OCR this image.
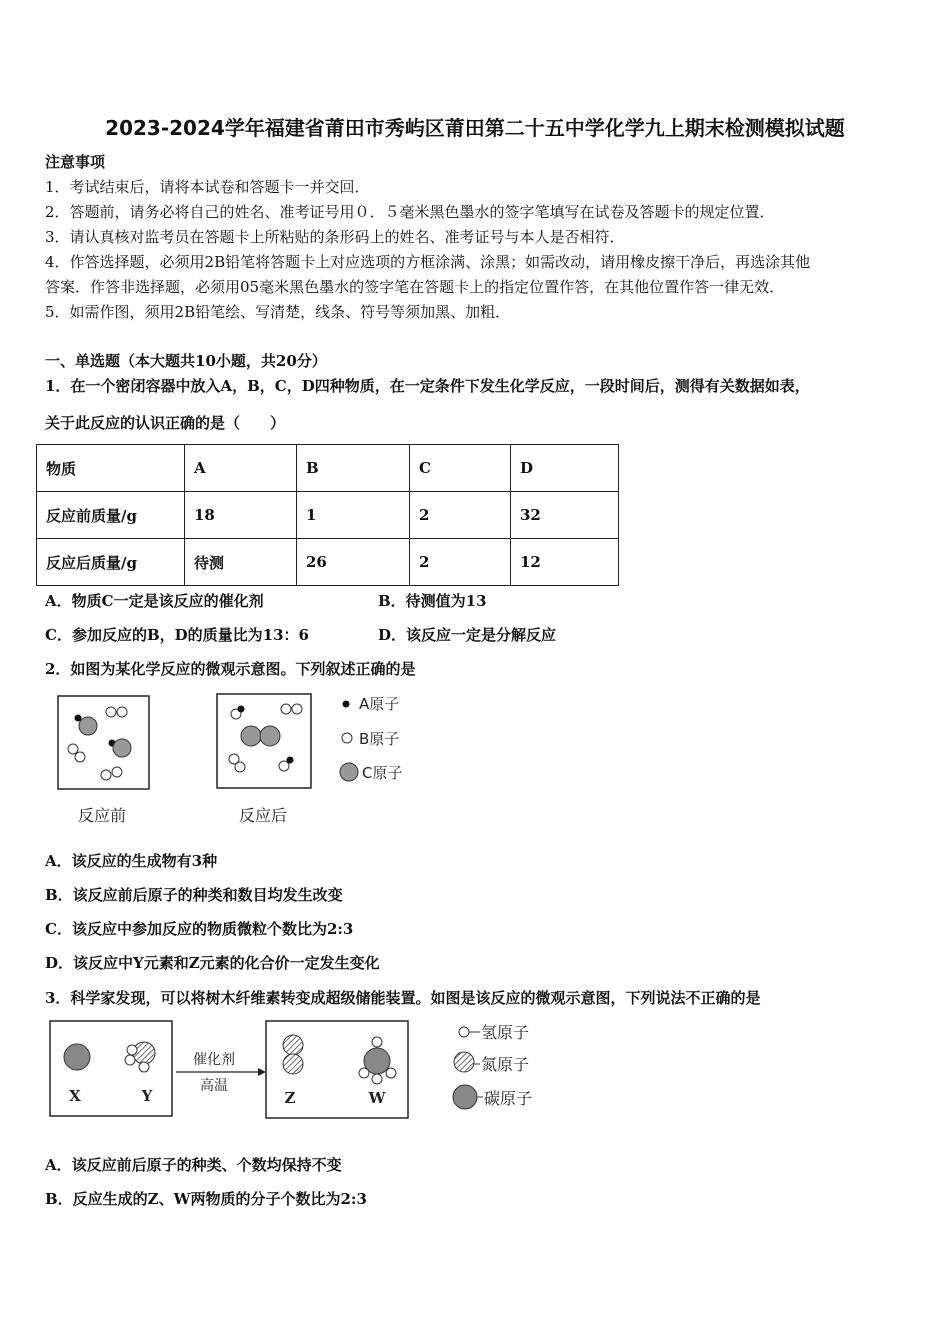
2023-2024学年福建省莆田市秀屿区莆田第二十五中学化学九上期末检测模拟试题
注意事项
1．考试结束后，请将本试卷和答题卡一并交回．
2．答题前，请务必将自己的姓名、准考证号用０．５毫米黑色墨水的签字笔填写在试卷及答题卡的规定位置．
3．请认真核对监考员在答题卡上所粘贴的条形码上的姓名、准考证号与本人是否相符．
4．作答选择题，必须用2B铅笔将答题卡上对应选项的方框涂满、涂黑；如需改动，请用橡皮擦干净后，再选涂其他
答案．作答非选择题，必须用05毫米黑色墨水的签字笔在答题卡上的指定位置作答，在其他位置作答一律无效．
5．如需作图，须用2B铅笔绘、写清楚，线条、符号等须加黑、加粗．
一、单选题（本大题共10小题，共20分）
1．在一个密闭容器中放入A，B，C，D四种物质，在一定条件下发生化学反应，一段时间后，测得有关数据如表，
关于此反应的认识正确的是（　　）
物质	A	B	C	D
反应前质量/g	18	1	2	32
反应后质量/g	待测	26	2	12
A．物质C一定是该反应的催化剂	B．待测值为13
C．参加反应的B，D的质量比为13：6	D．该反应一定是分解反应
2．如图为某化学反应的微观示意图。下列叙述正确的是
反应前	反应后
A原子
B原子
C原子
A．该反应的生成物有3种
B．该反应前后原子的种类和数目均发生改变
C．该反应中参加反应的物质微粒个数比为2:3
D．该反应中Y元素和Z元素的化合价一定发生变化
3．科学家发现，可以将树木纤维素转变成超级储能装置。如图是该反应的微观示意图，下列说法不正确的是
X	Y
催化剂
高温
Z	W
氢原子
氮原子
碳原子
A．该反应前后原子的种类、个数均保持不变
B．反应生成的Z、W两物质的分子个数比为2:3
